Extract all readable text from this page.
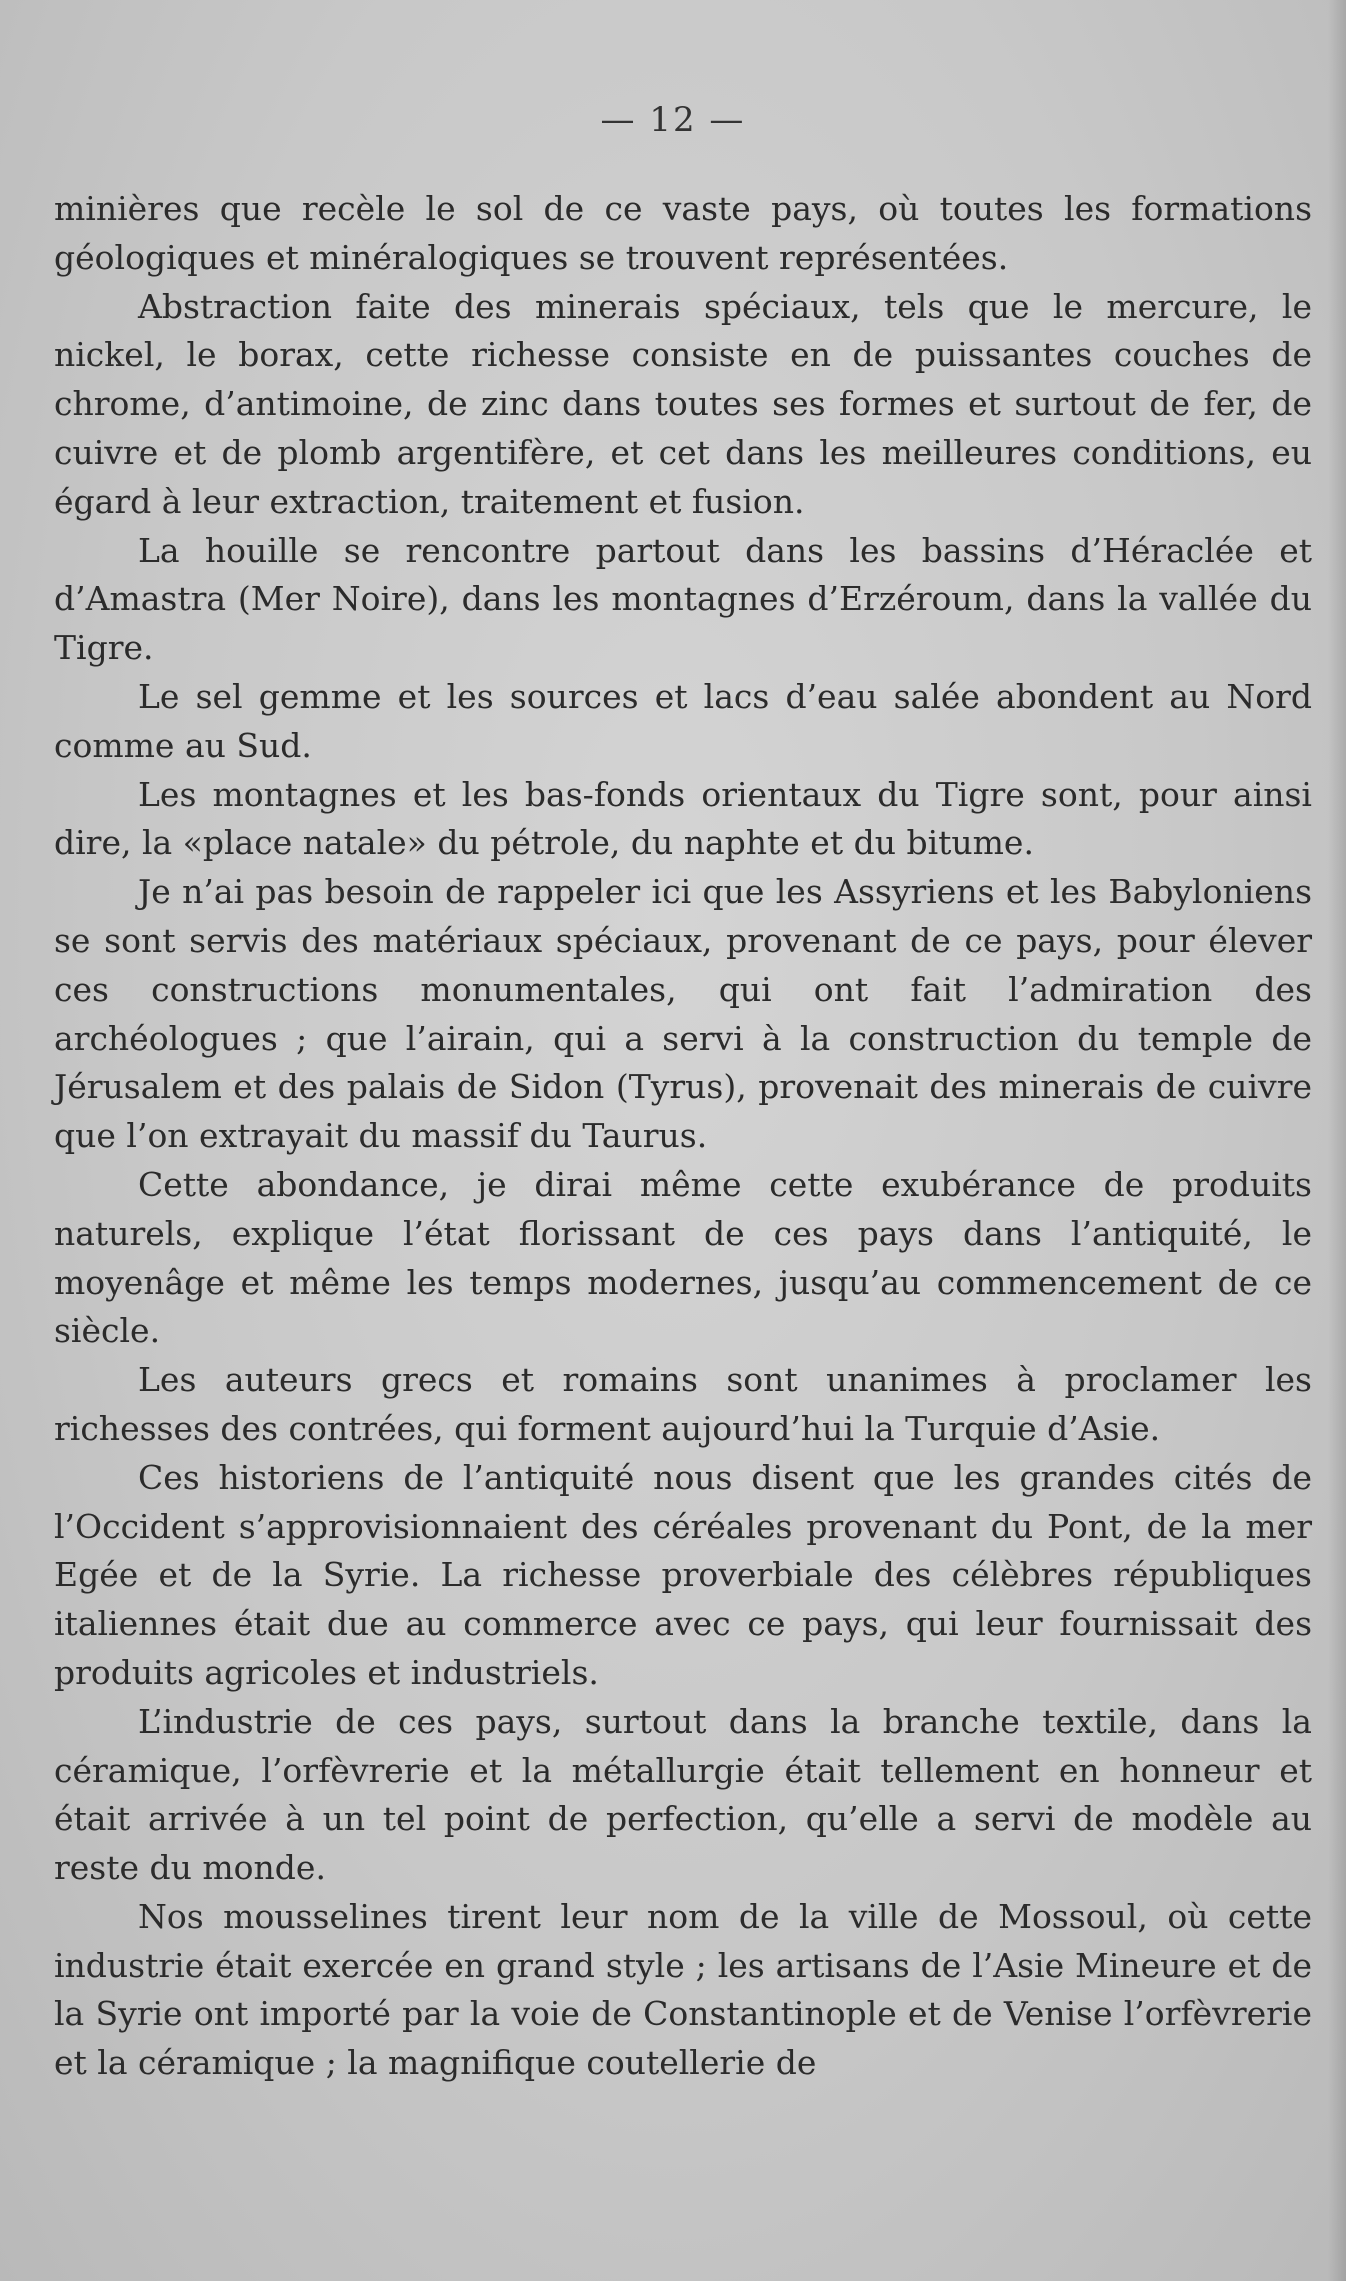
— 12 —

minières que recèle le sol de ce vaste pays, où toutes les formations géologiques et minéralogiques se trouvent représentées.

Abstraction faite des minerais spéciaux, tels que le mercure, le nickel, le borax, cette richesse consiste en de puissantes couches de chrome, d’antimoine, de zinc dans toutes ses formes et surtout de fer, de cuivre et de plomb argentifère, et cet dans les meilleures conditions, eu égard à leur extraction, traitement et fusion.

La houille se rencontre partout dans les bassins d’Héraclée et d’Amastra (Mer Noire), dans les montagnes d’Erzéroum, dans la vallée du Tigre.

Le sel gemme et les sources et lacs d’eau salée abondent au Nord comme au Sud.

Les montagnes et les bas-fonds orientaux du Tigre sont, pour ainsi dire, la «place natale» du pétrole, du naphte et du bitume.

Je n’ai pas besoin de rappeler ici que les Assyriens et les Babyloniens se sont servis des matériaux spéciaux, provenant de ce pays, pour élever ces constructions monumentales, qui ont fait l’admiration des archéologues ; que l’airain, qui a servi à la construction du temple de Jérusalem et des palais de Sidon (Tyrus), provenait des minerais de cuivre que l’on extrayait du massif du Taurus.

Cette abondance, je dirai même cette exubérance de produits naturels, explique l’état florissant de ces pays dans l’antiquité, le moyenâge et même les temps modernes, jusqu’au commencement de ce siècle.

Les auteurs grecs et romains sont unanimes à proclamer les richesses des contrées, qui forment aujourd’hui la Turquie d’Asie.

Ces historiens de l’antiquité nous disent que les grandes cités de l’Occident s’approvisionnaient des céréales provenant du Pont, de la mer Egée et de la Syrie. La richesse proverbiale des célèbres républiques italiennes était due au commerce avec ce pays, qui leur fournissait des produits agricoles et industriels.

L’industrie de ces pays, surtout dans la branche textile, dans la céramique, l’orfèvrerie et la métallurgie était tellement en honneur et était arrivée à un tel point de perfection, qu’elle a servi de modèle au reste du monde.

Nos mousselines tirent leur nom de la ville de Mossoul, où cette industrie était exercée en grand style ; les artisans de l’Asie Mineure et de la Syrie ont importé par la voie de Constantinople et de Venise l’orfèvrerie et la céramique ; la magnifique coutellerie de
